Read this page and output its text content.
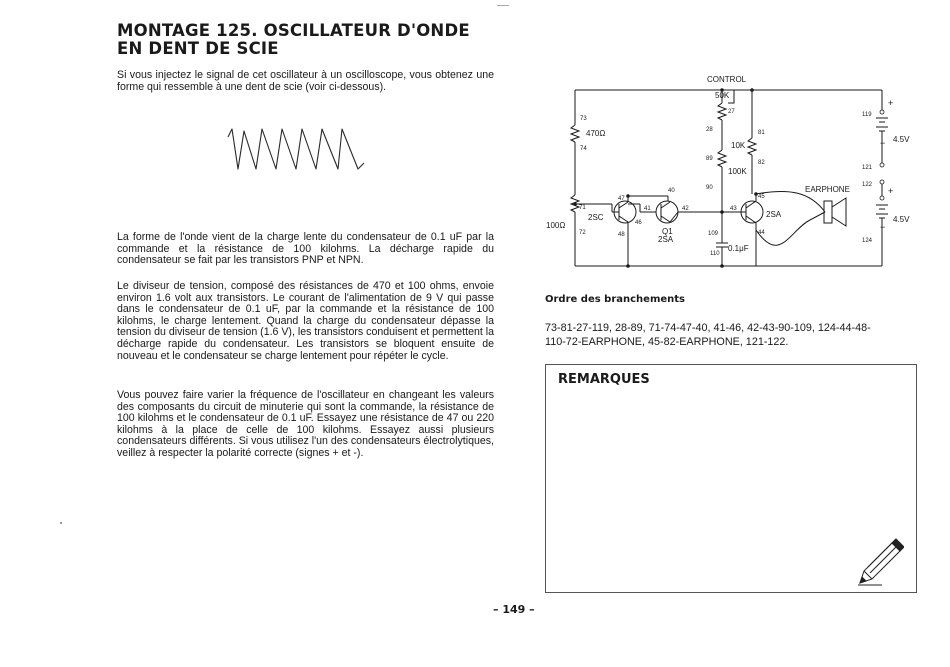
MONTAGE 125. OSCILLATEUR D'ONDE EN DENT DE SCIE

Si vous injectez le signal de cet oscillateur à un oscilloscope, vous obtenez une forme qui ressemble à une dent de scie (voir ci-dessous).

La forme de l'onde vient de la charge lente du condensateur de 0.1 uF par la commande et la résistance de 100 kilohms. La décharge rapide du condensateur se fait par les transistors PNP et NPN.

Le diviseur de tension, composé des résistances de 470 et 100 ohms, envoie environ 1.6 volt aux transistors. Le courant de l'alimentation de 9 V qui passe dans le condensateur de 0.1 uF, par la commande et la résistance de 100 kilohms, le charge lentement. Quand la charge du condensateur dépasse la tension du diviseur de tension (1.6 V), les transistors conduisent et permettent la décharge rapide du condensateur. Les transistors se bloquent ensuite de nouveau et le condensateur se charge lentement pour répéter le cycle.

Vous pouvez faire varier la fréquence de l'oscillateur en changeant les valeurs des composants du circuit de minuterie qui sont la commande, la résistance de 100 kilohms et le condensateur de 0.1 uF. Essayez une résistance de 47 ou 220 kilohms à la place de celle de 100 kilohms. Essayez aussi plusieurs condensateurs différents. Si vous utilisez l'un des condensateurs électrolytiques, veillez à respecter la polarité correcte (signes + et -).

CONTROL
50K
470Ω
100Ω
10K
100K
0.1μF
2SC
Q1
2SA
2SA
EARPHONE
4.5V
4.5V
+
−
+
−
27
73
74
28
89
90
81
82
47
40
46
41	42
71
72	48
43
45
44
109
110
119
121
122
124
Ordre des branchements

73-81-27-119, 28-89, 71-74-47-40, 41-46, 42-43-90-109, 124-44-48-110-72-EARPHONE, 45-82-EARPHONE, 121-122.

REMARQUES
– 149 –
